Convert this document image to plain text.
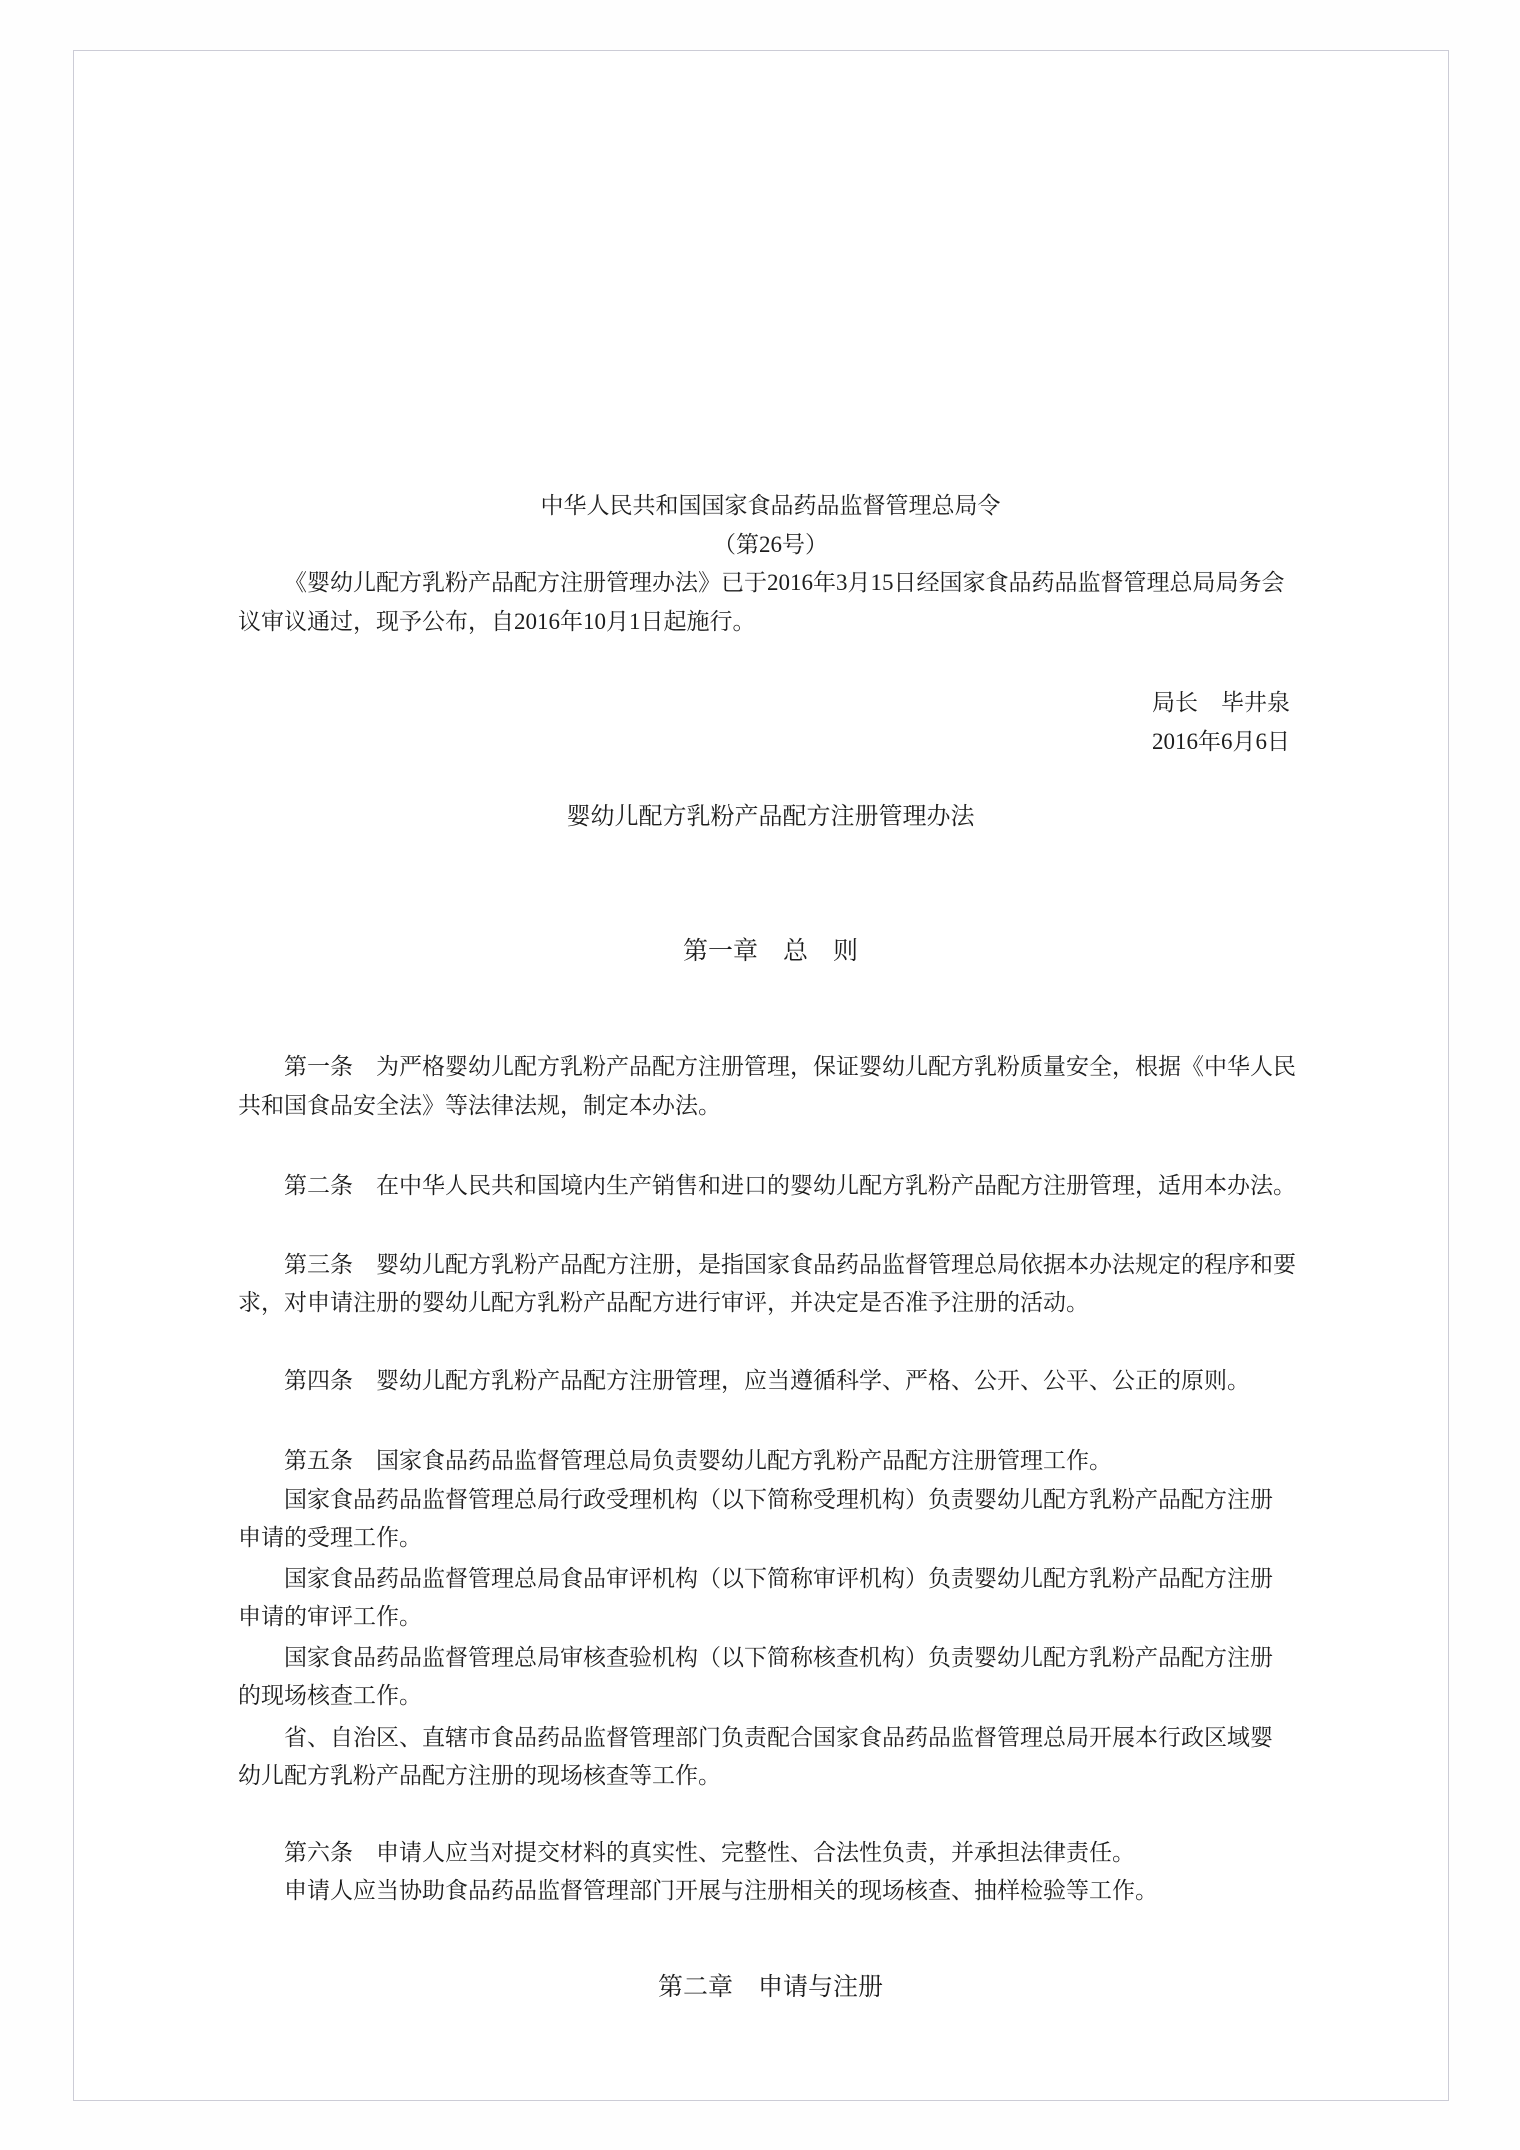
中华人民共和国国家食品药品监督管理总局令
（第26号）
《婴幼儿配方乳粉产品配方注册管理办法》已于2016年3月15日经国家食品药品监督管理总局局务会
议审议通过，现予公布，自2016年10月1日起施行。
局长　毕井泉
2016年6月6日
婴幼儿配方乳粉产品配方注册管理办法
第一章　总　则
第一条　为严格婴幼儿配方乳粉产品配方注册管理，保证婴幼儿配方乳粉质量安全，根据《中华人民
共和国食品安全法》等法律法规，制定本办法。
第二条　在中华人民共和国境内生产销售和进口的婴幼儿配方乳粉产品配方注册管理，适用本办法。
第三条　婴幼儿配方乳粉产品配方注册，是指国家食品药品监督管理总局依据本办法规定的程序和要
求，对申请注册的婴幼儿配方乳粉产品配方进行审评，并决定是否准予注册的活动。
第四条　婴幼儿配方乳粉产品配方注册管理，应当遵循科学、严格、公开、公平、公正的原则。
第五条　国家食品药品监督管理总局负责婴幼儿配方乳粉产品配方注册管理工作。
国家食品药品监督管理总局行政受理机构（以下简称受理机构）负责婴幼儿配方乳粉产品配方注册
申请的受理工作。
国家食品药品监督管理总局食品审评机构（以下简称审评机构）负责婴幼儿配方乳粉产品配方注册
申请的审评工作。
国家食品药品监督管理总局审核查验机构（以下简称核查机构）负责婴幼儿配方乳粉产品配方注册
的现场核查工作。
省、自治区、直辖市食品药品监督管理部门负责配合国家食品药品监督管理总局开展本行政区域婴
幼儿配方乳粉产品配方注册的现场核查等工作。
第六条　申请人应当对提交材料的真实性、完整性、合法性负责，并承担法律责任。
申请人应当协助食品药品监督管理部门开展与注册相关的现场核查、抽样检验等工作。
第二章　申请与注册
